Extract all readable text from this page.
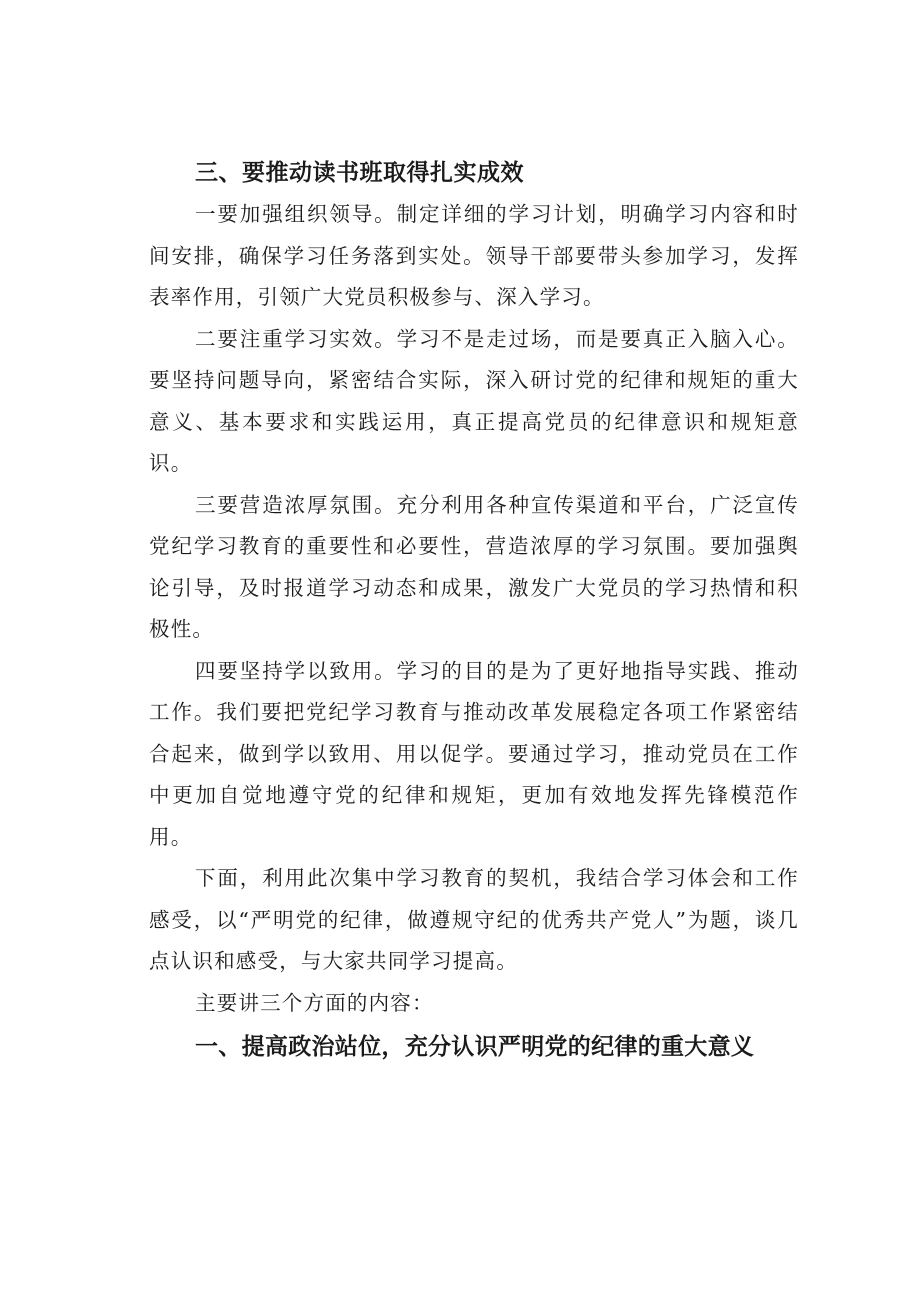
三、要推动读书班取得扎实成效

一要加强组织领导。制定详细的学习计划，明确学习内容和时间安排，确保学习任务落到实处。领导干部要带头参加学习，发挥表率作用，引领广大党员积极参与、深入学习。

二要注重学习实效。学习不是走过场，而是要真正入脑入心。要坚持问题导向，紧密结合实际，深入研讨党的纪律和规矩的重大意义、基本要求和实践运用，真正提高党员的纪律意识和规矩意识。

三要营造浓厚氛围。充分利用各种宣传渠道和平台，广泛宣传党纪学习教育的重要性和必要性，营造浓厚的学习氛围。要加强舆论引导，及时报道学习动态和成果，激发广大党员的学习热情和积极性。

四要坚持学以致用。学习的目的是为了更好地指导实践、推动工作。我们要把党纪学习教育与推动改革发展稳定各项工作紧密结合起来，做到学以致用、用以促学。要通过学习，推动党员在工作中更加自觉地遵守党的纪律和规矩，更加有效地发挥先锋模范作用。

下面，利用此次集中学习教育的契机，我结合学习体会和工作感受，以“严明党的纪律，做遵规守纪的优秀共产党人”为题，谈几点认识和感受，与大家共同学习提高。

主要讲三个方面的内容：

一、提高政治站位，充分认识严明党的纪律的重大意义
